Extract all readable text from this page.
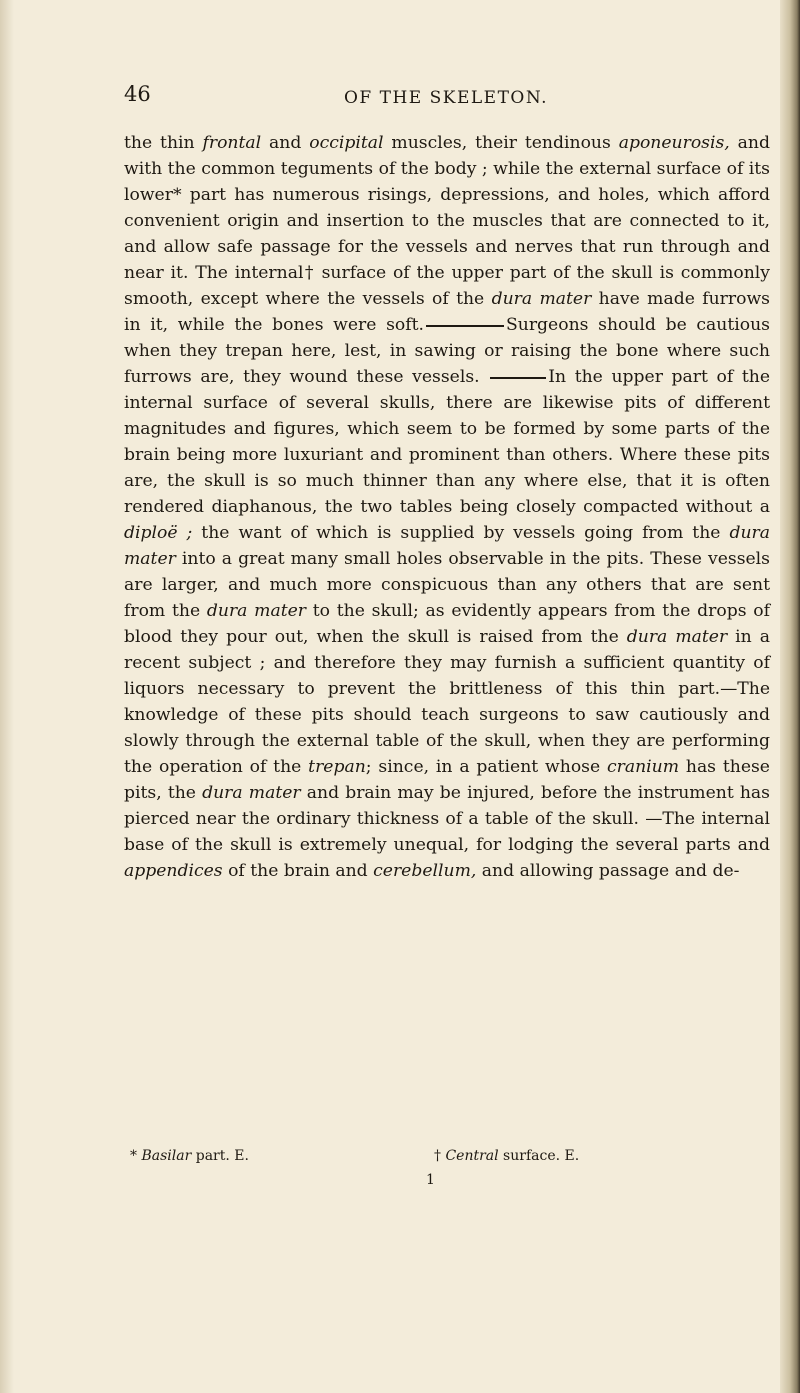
46	OF THE SKELETON.

the thin frontal and occipital muscles, their tendinous aponeurosis, and with the common teguments of the body ; while the external surface of its lower* part has numerous risings, depressions, and holes, which afford convenient origin and insertion to the muscles that are connected to it, and allow safe passage for the vessels and nerves that run through and near it. The internal† surface of the upper part of the skull is commonly smooth, except where the vessels of the dura mater have made furrows in it, while the bones were soft.	Surgeons should be cautious when they trepan here, lest, in sawing or raising the bone where such furrows are, they wound these vessels.	In the upper part of the internal surface of several skulls, there are likewise pits of different magnitudes and figures, which seem to be formed by some parts of the brain being more luxuriant and prominent than others. Where these pits are, the skull is so much thinner than any where else, that it is often rendered diaphanous, the two tables being closely compacted without a diploë ; the want of which is supplied by vessels going from the dura mater into a great many small holes observable in the pits. These vessels are larger, and much more conspicuous than any others that are sent from the dura mater to the skull; as evidently appears from the drops of blood they pour out, when the skull is raised from the dura mater in a recent subject ; and therefore they may furnish a sufficient quantity of liquors necessary to prevent the brittleness of this thin part.—The knowledge of these pits should teach surgeons to saw cautiously and slowly through the external table of the skull, when they are performing the operation of the trepan; since, in a patient whose cranium has these pits, the dura mater and brain may be injured, before the instrument has pierced near the ordinary thickness of a table of the skull. —The internal base of the skull is extremely unequal, for lodging the several parts and appendices of the brain and cerebellum, and allowing passage and de-

* Basilar part. E.	† Central surface. E.
1
